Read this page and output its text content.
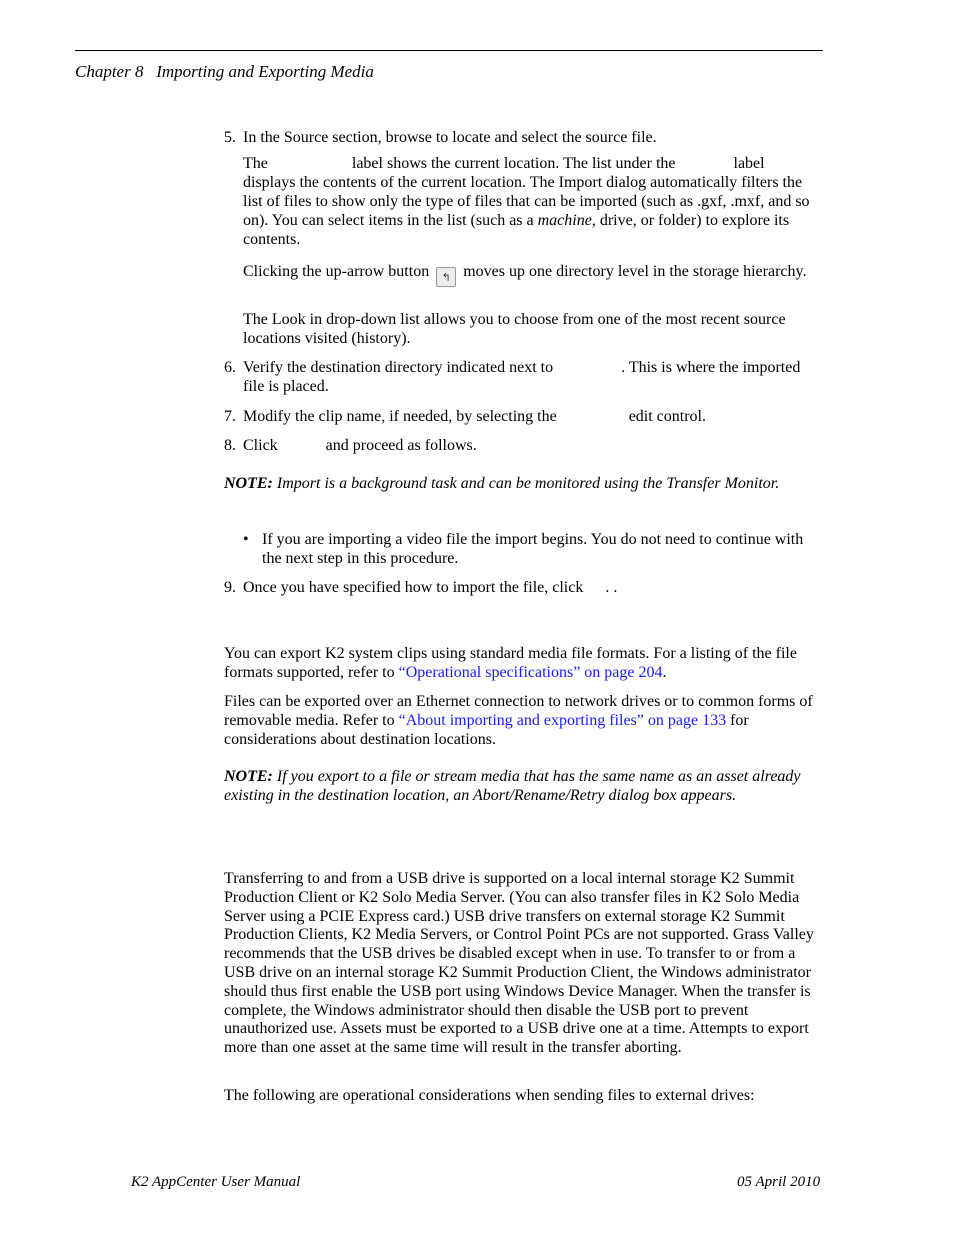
Chapter 8   Importing and Exporting Media
5. In the Source section, browse to locate and select the source file.
The	label shows the current location. The list under the	label
displays the contents of the current location. The Import dialog automatically filters the list of files to show only the type of files that can be imported (such as .gxf, .mxf, and so on). You can select items in the list (such as a machine, drive, or folder) to explore its contents.
Clicking the up-arrow button ↰ moves up one directory level in the storage hierarchy.
The Look in drop-down list allows you to choose from one of the most recent source locations visited (history).
6. Verify the destination directory indicated next to	. This is where the imported file is placed.
7. Modify the clip name, if needed, by selecting the	edit control.
8. Click	and proceed as follows.
NOTE: Import is a background task and can be monitored using the Transfer Monitor.
• If you are importing a video file the import begins. You do not need to continue with the next step in this procedure.
9. Once you have specified how to import the file, click . .
You can export K2 system clips using standard media file formats. For a listing of the file formats supported, refer to “Operational specifications” on page 204.
Files can be exported over an Ethernet connection to network drives or to common forms of removable media. Refer to “About importing and exporting files” on page 133 for considerations about destination locations.
NOTE: If you export to a file or stream media that has the same name as an asset already existing in the destination location, an Abort/Rename/Retry dialog box appears.
Transferring to and from a USB drive is supported on a local internal storage K2 Summit Production Client or K2 Solo Media Server. (You can also transfer files in K2 Solo Media Server using a PCIE Express card.) USB drive transfers on external storage K2 Summit Production Clients, K2 Media Servers, or Control Point PCs are not supported. Grass Valley recommends that the USB drives be disabled except when in use. To transfer to or from a USB drive on an internal storage K2 Summit Production Client, the Windows administrator should thus first enable the USB port using Windows Device Manager. When the transfer is complete, the Windows administrator should then disable the USB port to prevent unauthorized use. Assets must be exported to a USB drive one at a time. Attempts to export more than one asset at the same time will result in the transfer aborting.
The following are operational considerations when sending files to external drives:
K2 AppCenter User Manual	05 April 2010
